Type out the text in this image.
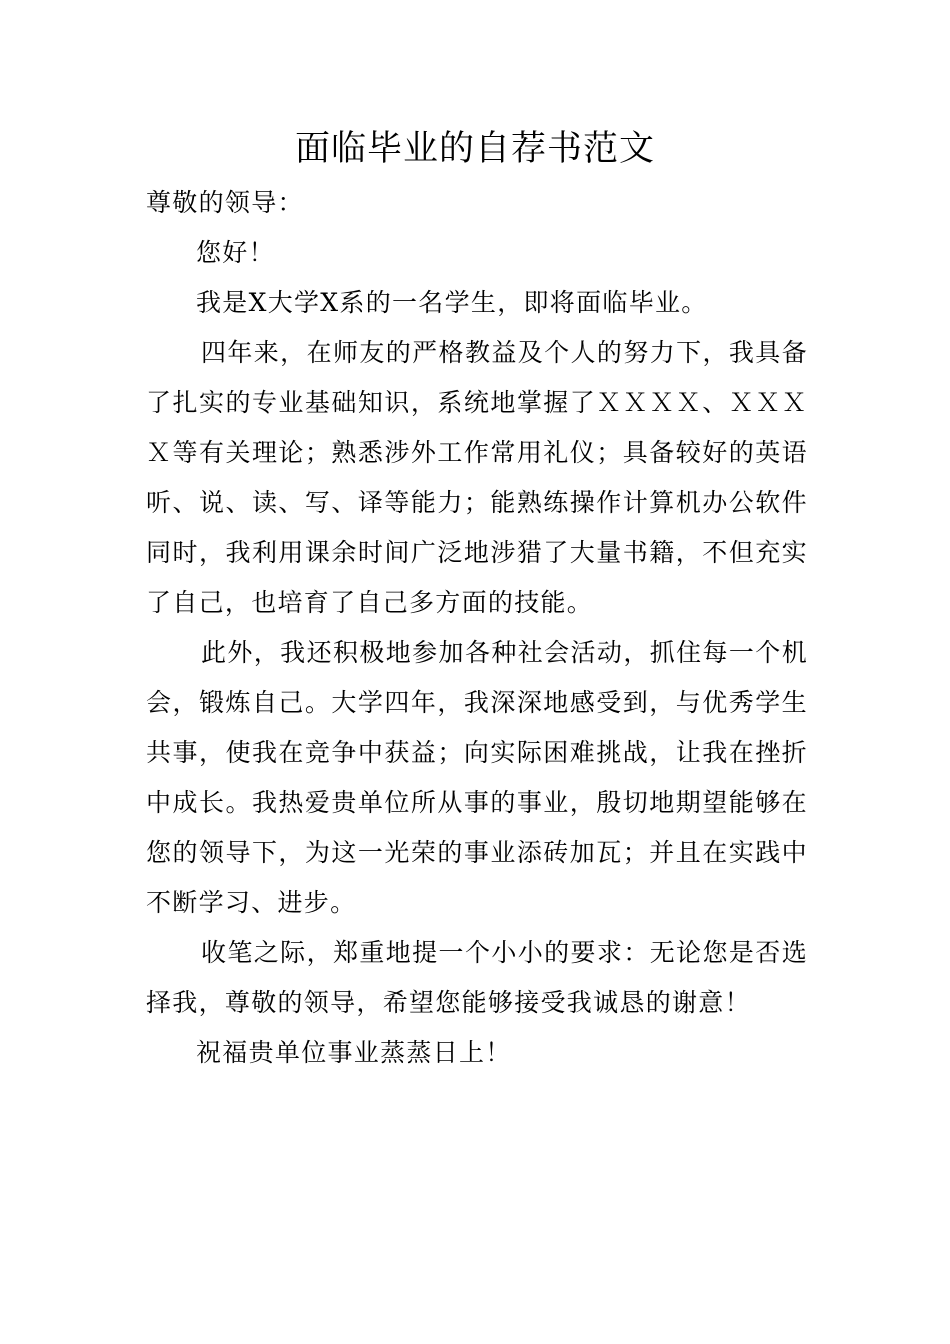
面临毕业的自荐书范文

尊敬的领导：

您好！

我是X大学X系的一名学生，即将面临毕业。

四年来，在师友的严格教益及个人的努力下，我具备了扎实的专业基础知识，系统地掌握了ＸＸＸＸ、ＸＸＸＸ等有关理论；熟悉涉外工作常用礼仪；具备较好的英语听、说、读、写、译等能力；能熟练操作计算机办公软件同时，我利用课余时间广泛地涉猎了大量书籍，不但充实了自己，也培育了自己多方面的技能。

此外，我还积极地参加各种社会活动，抓住每一个机会，锻炼自己。大学四年，我深深地感受到，与优秀学生共事，使我在竞争中获益；向实际困难挑战，让我在挫折中成长。我热爱贵单位所从事的事业，殷切地期望能够在您的领导下，为这一光荣的事业添砖加瓦；并且在实践中不断学习、进步。

收笔之际，郑重地提一个小小的要求：无论您是否选择我，尊敬的领导，希望您能够接受我诚恳的谢意！

祝福贵单位事业蒸蒸日上！
